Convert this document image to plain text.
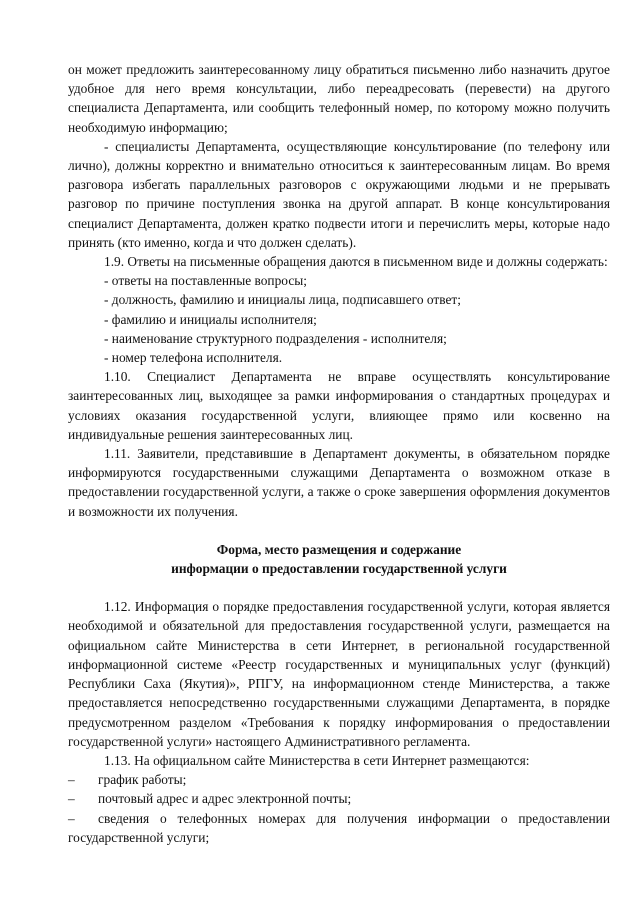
он может предложить заинтересованному лицу обратиться письменно либо назначить другое удобное для него время консультации, либо переадресовать (перевести) на другого специалиста Департамента, или сообщить телефонный номер, по которому можно получить необходимую информацию;

- специалисты Департамента, осуществляющие консультирование (по телефону или лично), должны корректно и внимательно относиться к заинтересованным лицам. Во время разговора избегать параллельных разговоров с окружающими людьми и не прерывать разговор по причине поступления звонка на другой аппарат. В конце консультирования специалист Департамента, должен кратко подвести итоги и перечислить меры, которые надо принять (кто именно, когда и что должен сделать).

1.9. Ответы на письменные обращения даются в письменном виде и должны содержать:

- ответы на поставленные вопросы;

- должность, фамилию и инициалы лица, подписавшего ответ;

- фамилию и инициалы исполнителя;

- наименование структурного подразделения - исполнителя;

- номер телефона исполнителя.

1.10. Специалист Департамента не вправе осуществлять консультирование заинтересованных лиц, выходящее за рамки информирования о стандартных процедурах и условиях оказания государственной услуги, влияющее прямо или косвенно на индивидуальные решения заинтересованных лиц.

1.11. Заявители, представившие в Департамент документы, в обязательном порядке информируются государственными служащими Департамента о возможном отказе в предоставлении государственной услуги, а также о сроке завершения оформления документов и возможности их получения.

Форма, место размещения и содержание

информации о предоставлении государственной услуги

1.12. Информация о порядке предоставления государственной услуги, которая является необходимой и обязательной для предоставления государственной услуги, размещается на официальном сайте Министерства в сети Интернет, в региональной государственной информационной системе «Реестр государственных и муниципальных услуг (функций) Республики Саха (Якутия)», РПГУ, на информационном стенде Министерства, а также предоставляется непосредственно государственными служащими Департамента, в порядке предусмотренном разделом «Требования к порядку информирования о предоставлении государственной услуги» настоящего Административного регламента.

1.13. На официальном сайте Министерства в сети Интернет размещаются:

– график работы;

– почтовый адрес и адрес электронной почты;

– сведения о телефонных номерах для получения информации о предоставлении государственной услуги;
